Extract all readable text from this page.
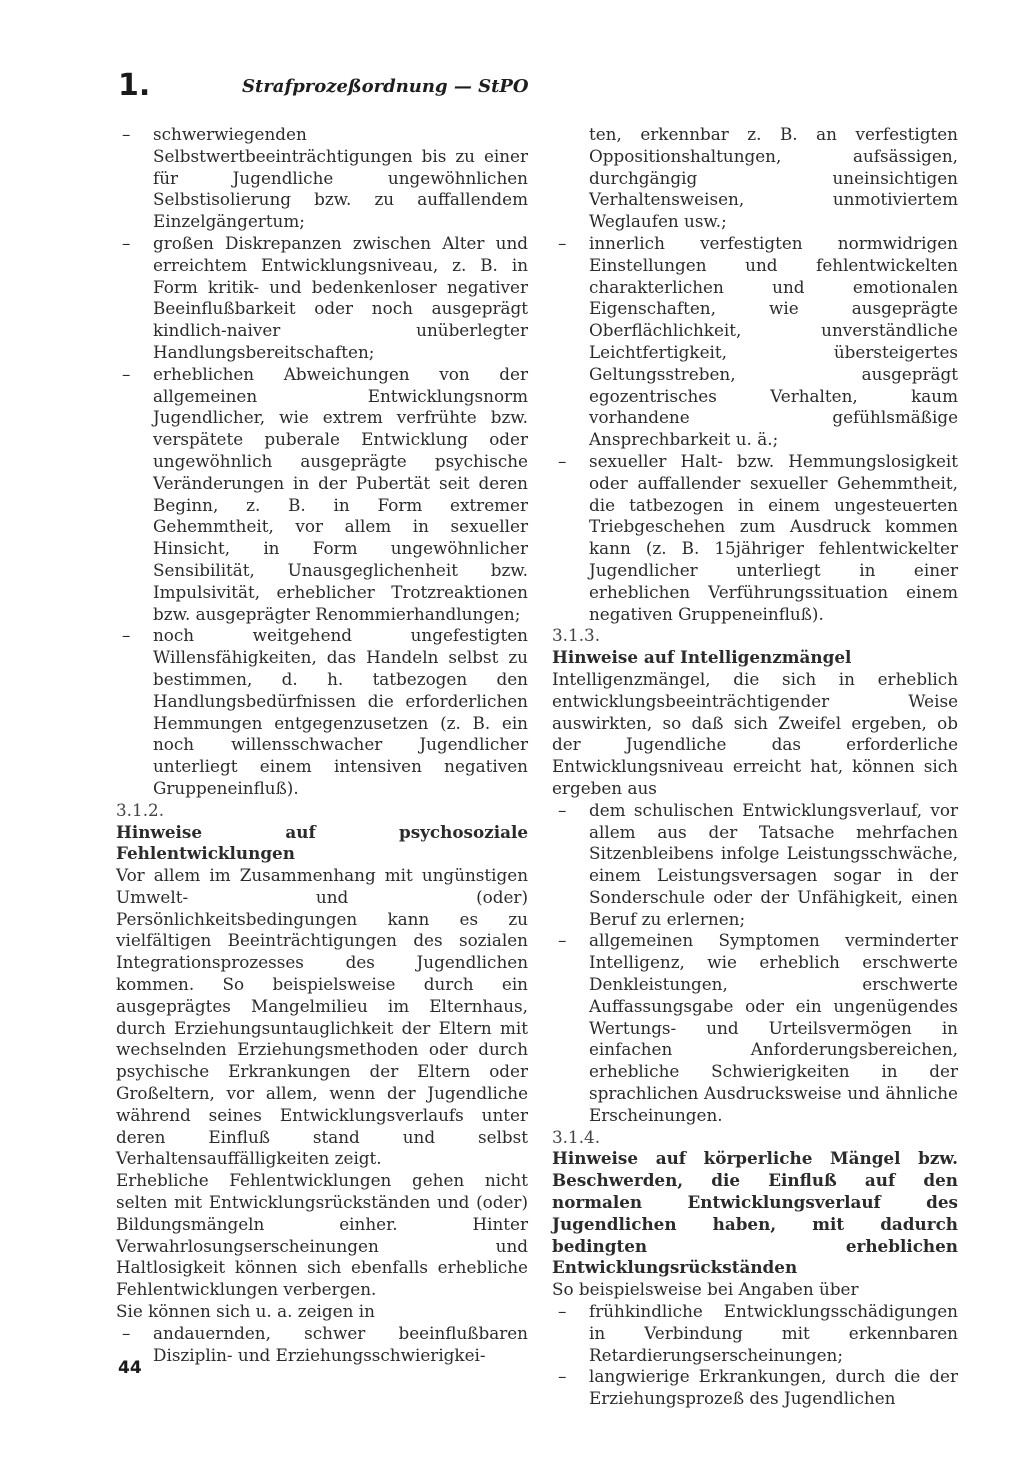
1.	Strafprozeßordnung — StPO
– schwerwiegenden Selbstwertbeeinträchtigungen bis zu einer für Jugendliche ungewöhnlichen Selbstisolierung bzw. zu auffallendem Einzelgängertum;
– großen Diskrepanzen zwischen Alter und erreichtem Entwicklungsniveau, z. B. in Form kritik- und bedenkenloser negativer Beeinflußbarkeit oder noch ausgeprägt kindlich-naiver unüberlegter Handlungsbereitschaften;
– erheblichen Abweichungen von der allgemeinen Entwicklungsnorm Jugendlicher, wie extrem verfrühte bzw. verspätete puberale Entwicklung oder ungewöhnlich ausgeprägte psychische Veränderungen in der Pubertät seit deren Beginn, z. B. in Form extremer Gehemmtheit, vor allem in sexueller Hinsicht, in Form ungewöhnlicher Sensibilität, Unausgeglichenheit bzw. Impulsivität, erheblicher Trotzreaktionen bzw. ausgeprägter Renommierhandlungen;
– noch weitgehend ungefestigten Willensfähigkeiten, das Handeln selbst zu bestimmen, d. h. tatbezogen den Handlungsbedürfnissen die erforderlichen Hemmungen entgegenzusetzen (z. B. ein noch willensschwacher Jugendlicher unterliegt einem intensiven negativen Gruppeneinfluß).

3.1.2.

Hinweise auf psychosoziale Fehlentwicklungen

Vor allem im Zusammenhang mit ungünstigen Umwelt- und (oder) Persönlichkeitsbedingungen kann es zu vielfältigen Beeinträchtigungen des sozialen Integrationsprozesses des Jugendlichen kommen. So beispielsweise durch ein ausgeprägtes Mangelmilieu im Elternhaus, durch Erziehungsuntauglichkeit der Eltern mit wechselnden Erziehungsmethoden oder durch psychische Erkrankungen der Eltern oder Großeltern, vor allem, wenn der Jugendliche während seines Entwicklungsverlaufs unter deren Einfluß stand und selbst Verhaltensauffälligkeiten zeigt.

Erhebliche Fehlentwicklungen gehen nicht selten mit Entwicklungsrückständen und (oder) Bildungsmängeln einher. Hinter Verwahrlosungserscheinungen und Haltlosigkeit können sich ebenfalls erhebliche Fehlentwicklungen verbergen.

Sie können sich u. a. zeigen in

– andauernden, schwer beeinflußbaren Disziplin- und Erziehungsschwierigkei-

ten, erkennbar z. B. an verfestigten Oppositionshaltungen, aufsässigen, durchgängig uneinsichtigen Verhaltensweisen, unmotiviertem Weglaufen usw.;

– innerlich verfestigten normwidrigen Einstellungen und fehlentwickelten charakterlichen und emotionalen Eigenschaften, wie ausgeprägte Oberflächlichkeit, unverständliche Leichtfertigkeit, übersteigertes Geltungsstreben, ausgeprägt egozentrisches Verhalten, kaum vorhandene gefühlsmäßige Ansprechbarkeit u. ä.;
– sexueller Halt- bzw. Hemmungslosigkeit oder auffallender sexueller Gehemmtheit, die tatbezogen in einem ungesteuerten Triebgeschehen zum Ausdruck kommen kann (z. B. 15jähriger fehlentwickelter Jugendlicher unterliegt in einer erheblichen Verführungssituation einem negativen Gruppeneinfluß).

3.1.3.

Hinweise auf Intelligenzmängel

Intelligenzmängel, die sich in erheblich entwicklungsbeeinträchtigender Weise auswirkten, so daß sich Zweifel ergeben, ob der Jugendliche das erforderliche Entwicklungsniveau erreicht hat, können sich ergeben aus

– dem schulischen Entwicklungsverlauf, vor allem aus der Tatsache mehrfachen Sitzenbleibens infolge Leistungsschwäche, einem Leistungsversagen sogar in der Sonderschule oder der Unfähigkeit, einen Beruf zu erlernen;
– allgemeinen Symptomen verminderter Intelligenz, wie erheblich erschwerte Denkleistungen, erschwerte Auffassungsgabe oder ein ungenügendes Wertungs- und Urteilsvermögen in einfachen Anforderungsbereichen, erhebliche Schwierigkeiten in der sprachlichen Ausdrucksweise und ähnliche Erscheinungen.

3.1.4.

Hinweise auf körperliche Mängel bzw. Beschwerden, die Einfluß auf den normalen Entwicklungsverlauf des Jugendlichen haben, mit dadurch bedingten erheblichen Entwicklungsrückständen

So beispielsweise bei Angaben über

– frühkindliche Entwicklungsschädigungen in Verbindung mit erkennbaren Retardierungserscheinungen;
– langwierige Erkrankungen, durch die der Erziehungsprozeß des Jugendlichen
44
